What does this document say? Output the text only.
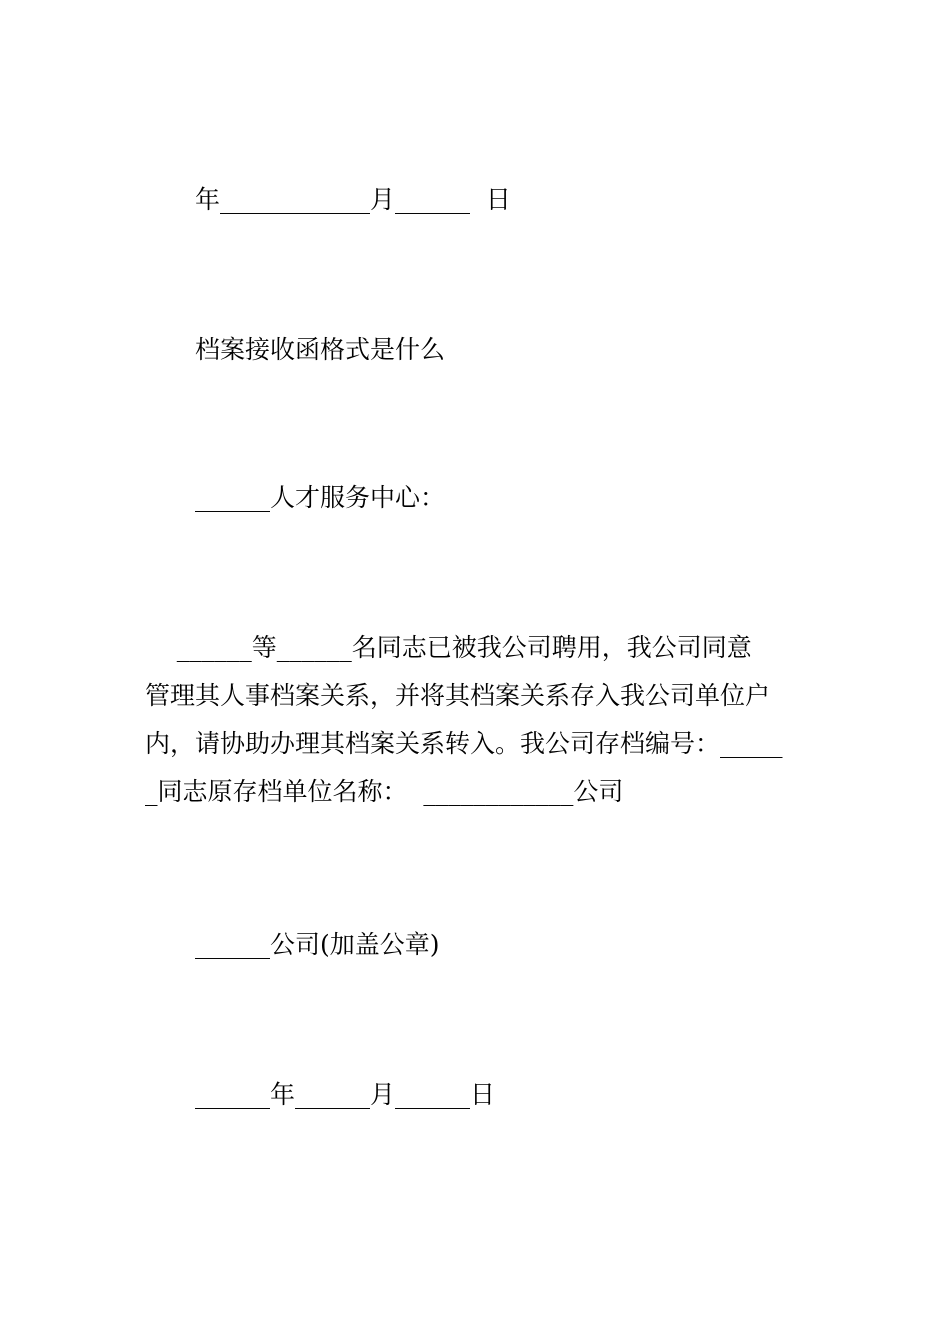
年____________月______  日
档案接收函格式是什么
______人才服务中心：
______等______名同志已被我公司聘用，我公司同意
管理其人事档案关系，并将其档案关系存入我公司单位户
内，请协助办理其档案关系转入。我公司存档编号：_____
_同志原存档单位名称：  ____________公司
______公司(加盖公章)
______年______月______日
